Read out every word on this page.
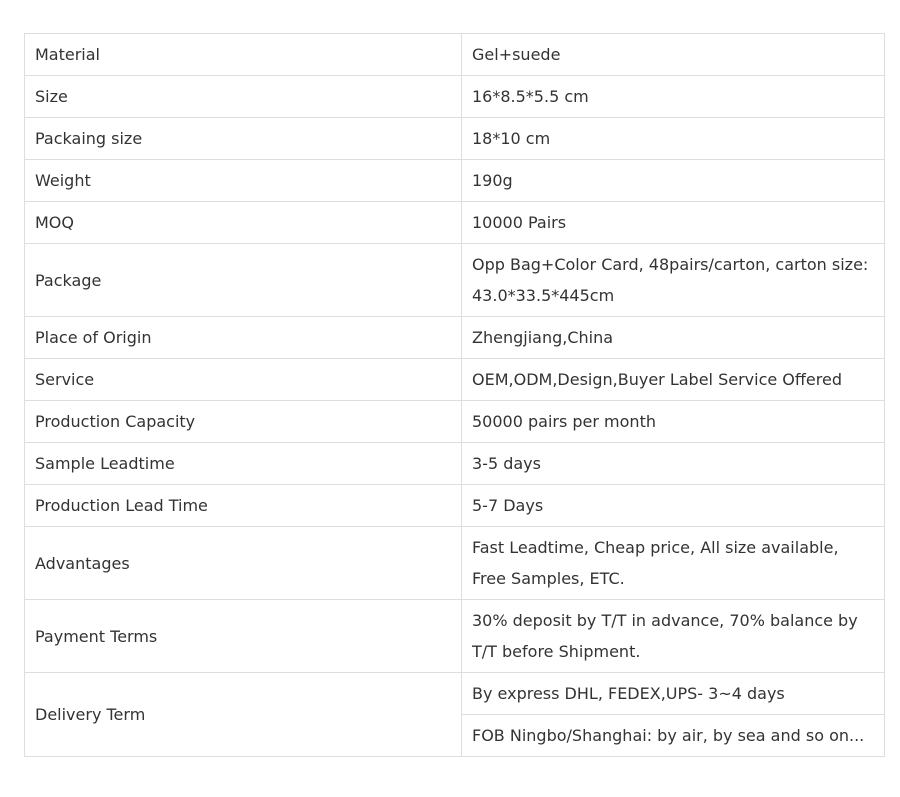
Material	Gel+suede
Size	16*8.5*5.5 cm
Packaing size	18*10 cm
Weight	190g
MOQ	10000 Pairs
Package	Opp Bag+Color Card, 48pairs/carton, carton size: 43.0*33.5*445cm
Place of Origin	Zhengjiang,China
Service	OEM,ODM,Design,Buyer Label Service Offered
Production Capacity	50000 pairs per month
Sample Leadtime	3-5 days
Production Lead Time	5-7 Days
Advantages	Fast Leadtime, Cheap price, All size available, Free Samples, ETC.
Payment Terms	30% deposit by T/T in advance, 70% balance by T/T before Shipment.
Delivery Term	By express DHL, FEDEX,UPS- 3~4 days
	FOB Ningbo/Shanghai: by air, by sea and so on...
